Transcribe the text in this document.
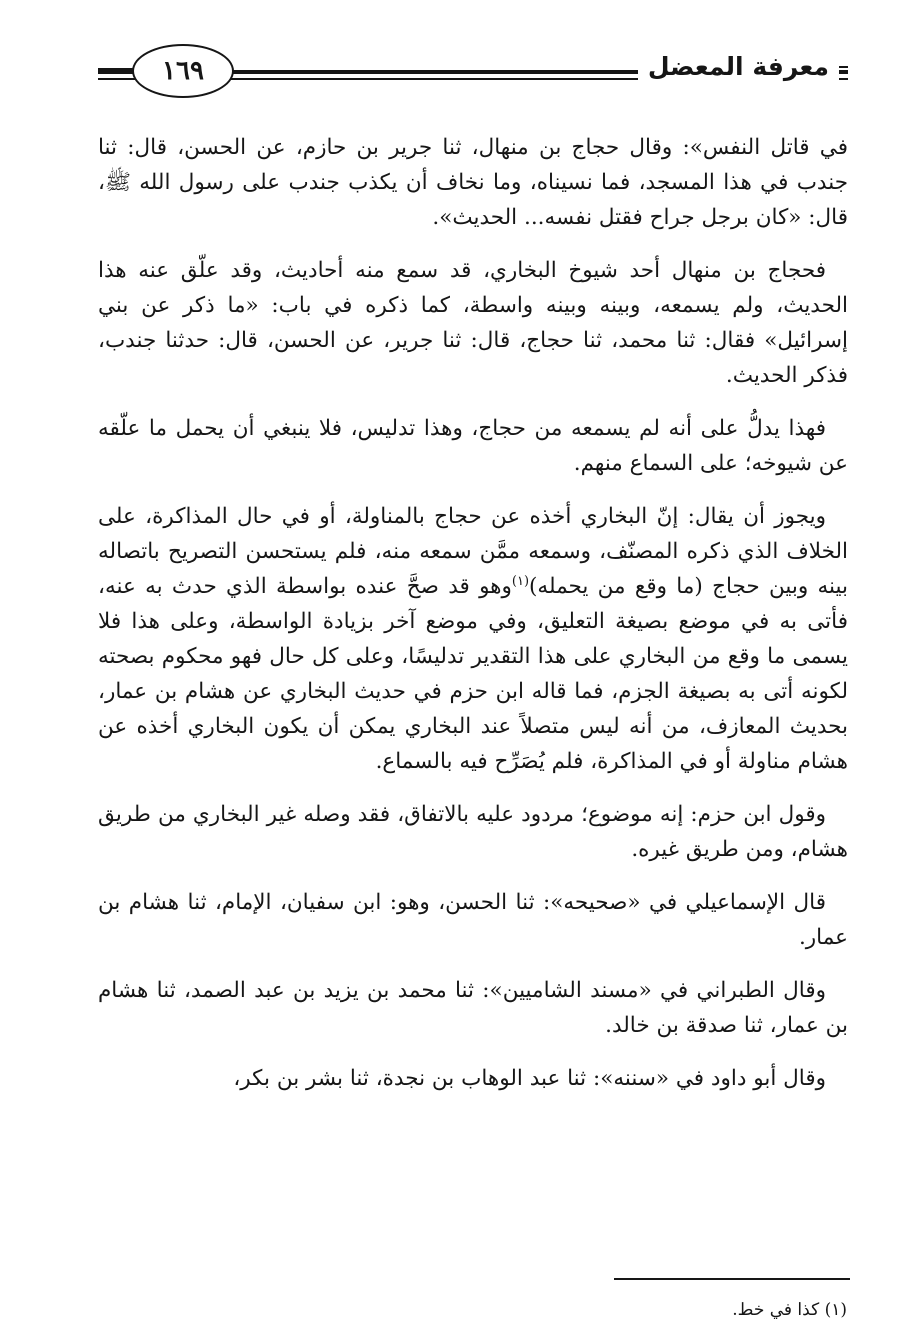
١٦٩	معرفة المعضل

في قاتل النفس»: وقال حجاج بن منهال، ثنا جرير بن حازم، عن الحسن، قال: ثنا جندب في هذا المسجد، فما نسيناه، وما نخاف أن يكذب جندب على رسول الله ﷺ، قال: «كان برجل جراح فقتل نفسه... الحديث».

فحجاج بن منهال أحد شيوخ البخاري، قد سمع منه أحاديث، وقد علّق عنه هذا الحديث، ولم يسمعه، وبينه وبينه واسطة، كما ذكره في باب: «ما ذكر عن بني إسرائيل» فقال: ثنا محمد، ثنا حجاج، قال: ثنا جرير، عن الحسن، قال: حدثنا جندب، فذكر الحديث.

فهذا يدلُّ على أنه لم يسمعه من حجاج، وهذا تدليس، فلا ينبغي أن يحمل ما علّقه عن شيوخه؛ على السماع منهم.

ويجوز أن يقال: إنّ البخاري أخذه عن حجاج بالمناولة، أو في حال المذاكرة، على الخلاف الذي ذكره المصنّف، وسمعه ممَّن سمعه منه، فلم يستحسن التصريح باتصاله بينه وبين حجاج (ما وقع من يحمله)$^{(١)}$وهو قد صحَّ عنده بواسطة الذي حدث به عنه، فأتى به في موضع بصيغة التعليق، وفي موضع آخر بزيادة الواسطة، وعلى هذا فلا يسمى ما وقع من البخاري على هذا التقدير تدليسًا، وعلى كل حال فهو محكوم بصحته لكونه أتى به بصيغة الجزم، فما قاله ابن حزم في حديث البخاري عن هشام بن عمار، بحديث المعازف، من أنه ليس متصلاً عند البخاري يمكن أن يكون البخاري أخذه عن هشام مناولة أو في المذاكرة، فلم يُصَرِّح فيه بالسماع.

وقول ابن حزم: إنه موضوع؛ مردود عليه بالاتفاق، فقد وصله غير البخاري من طريق هشام، ومن طريق غيره.

قال الإسماعيلي في «صحيحه»: ثنا الحسن، وهو: ابن سفيان، الإمام، ثنا هشام بن عمار.

وقال الطبراني في «مسند الشاميين»: ثنا محمد بن يزيد بن عبد الصمد، ثنا هشام بن عمار، ثنا صدقة بن خالد.

وقال أبو داود في «سننه»: ثنا عبد الوهاب بن نجدة، ثنا بشر بن بكر،

(١) كذا في خط.
